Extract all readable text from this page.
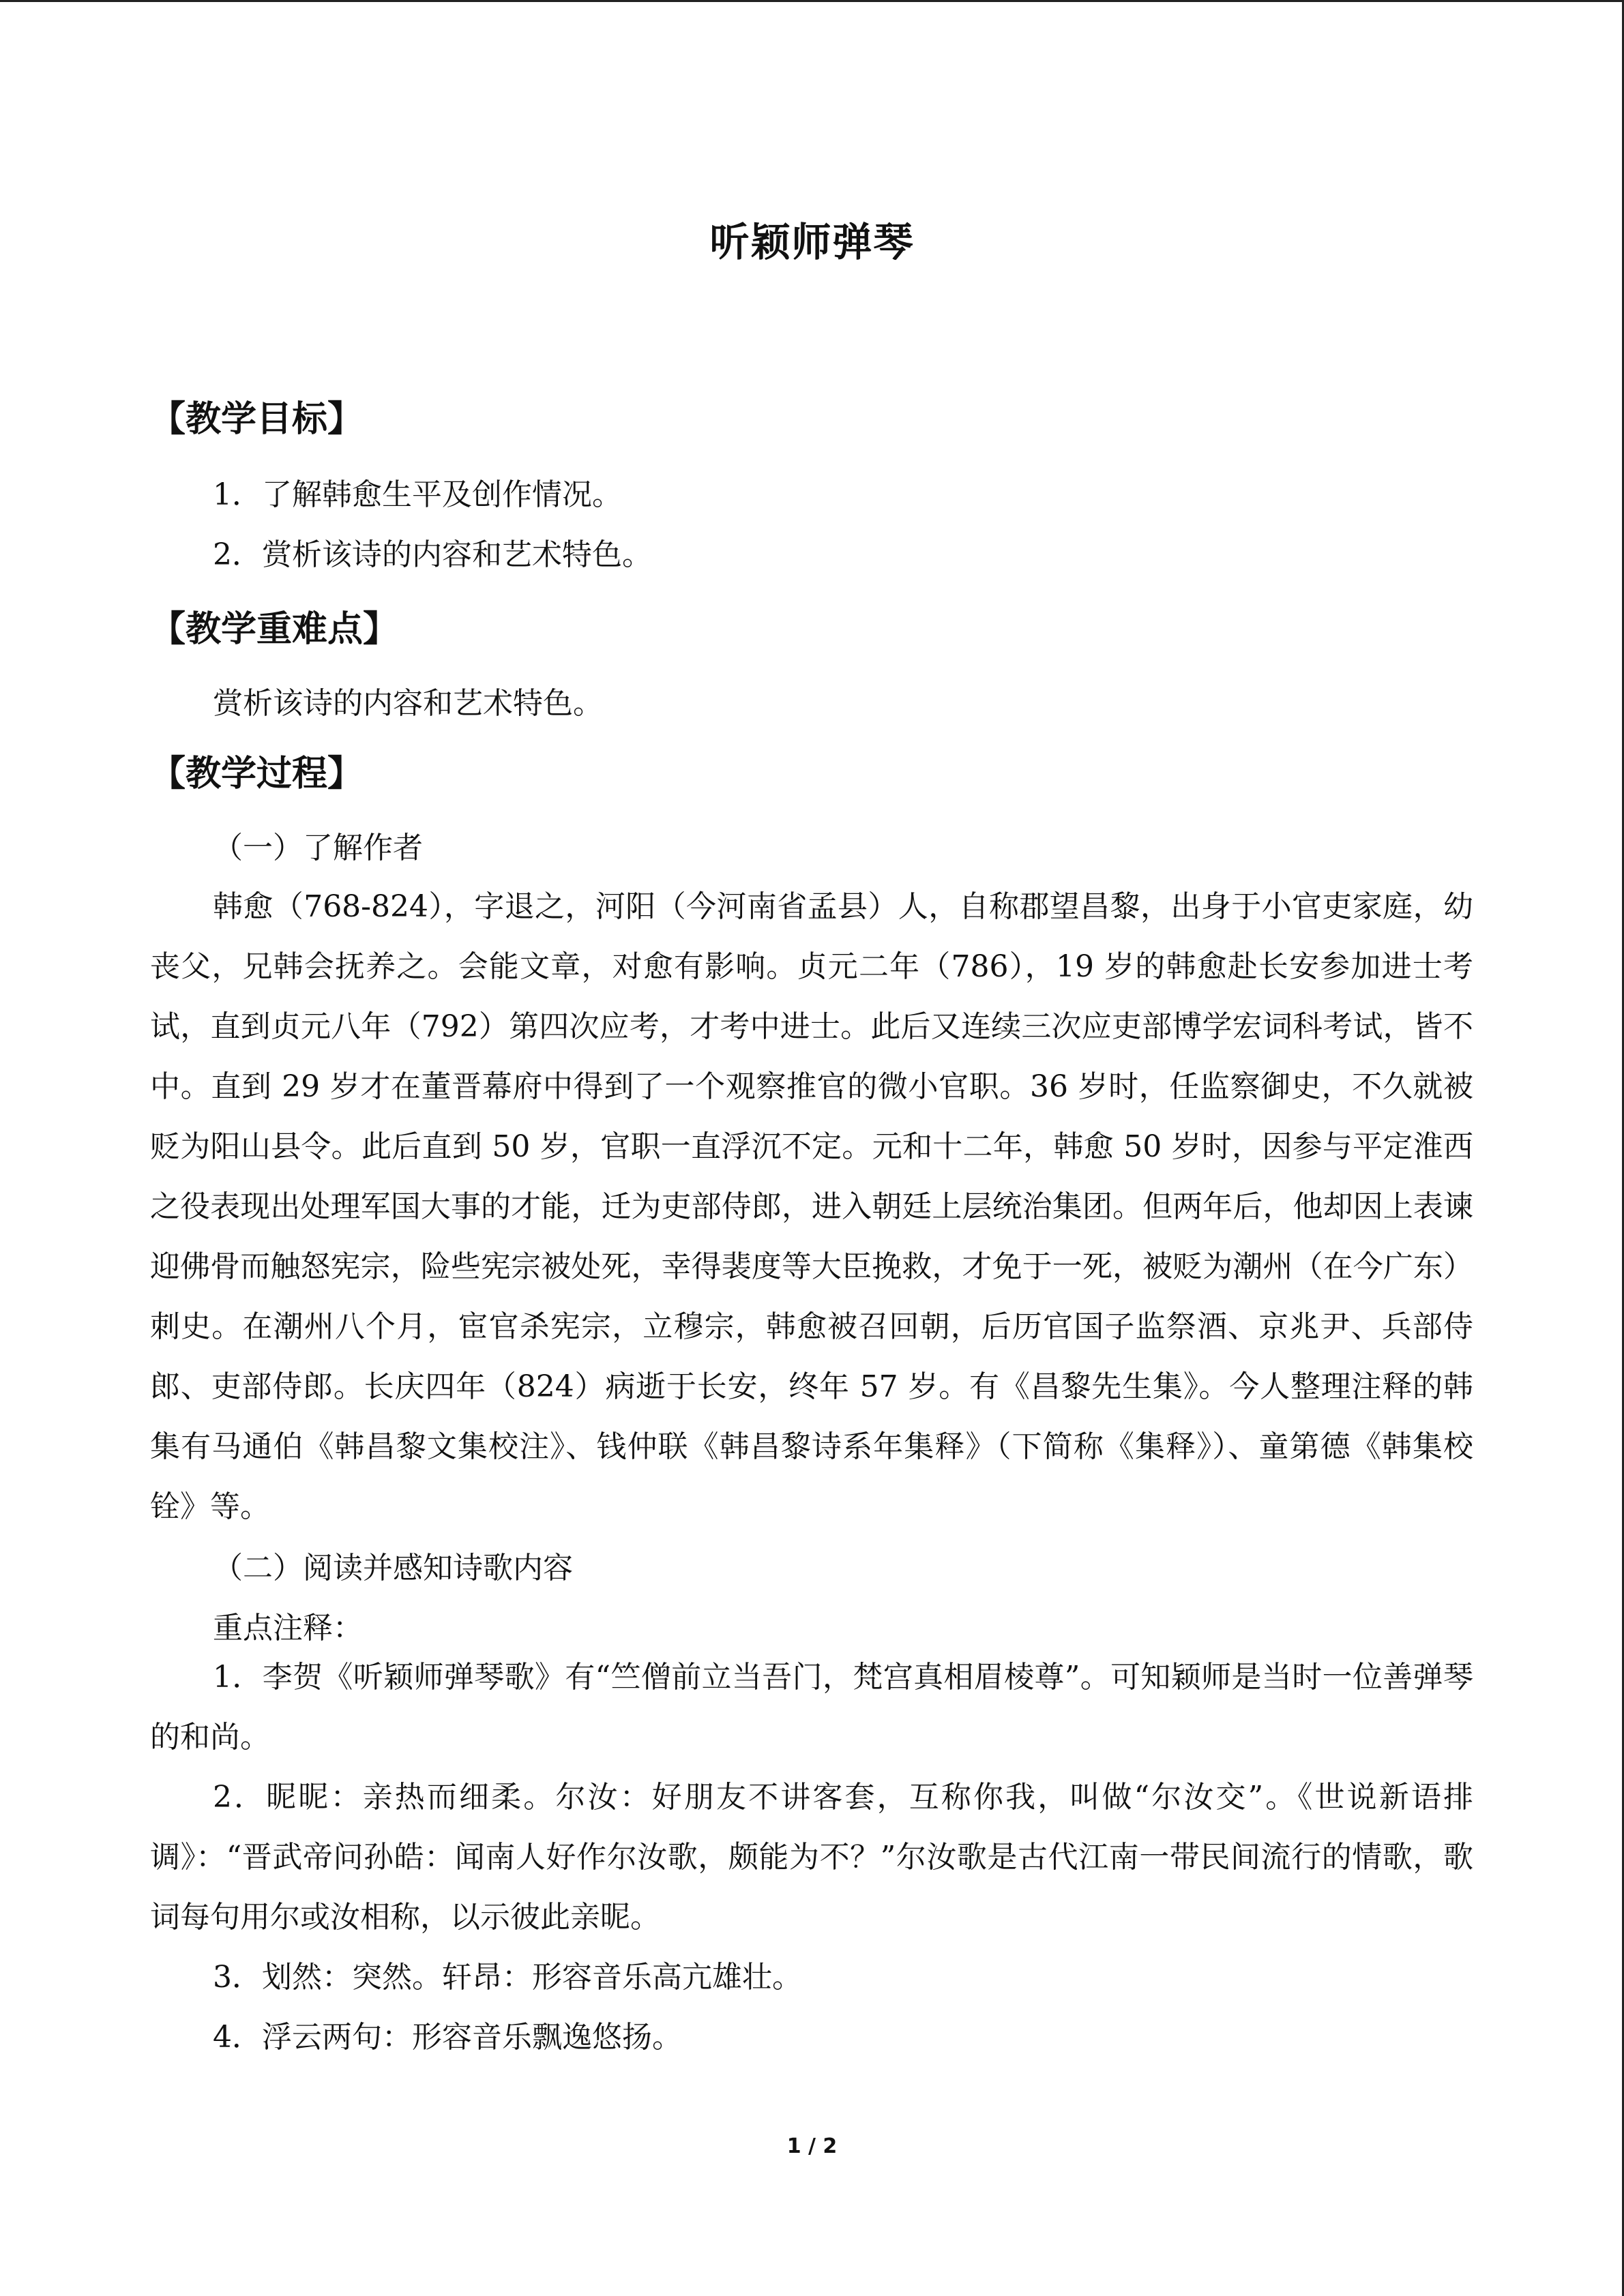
听颖师弹琴
【教学目标】
1．了解韩愈生平及创作情况。
2．赏析该诗的内容和艺术特色。
【教学重难点】
赏析该诗的内容和艺术特色。
【教学过程】
（一）了解作者
韩愈（768-824），字退之，河阳（今河南省孟县）人，自称郡望昌黎，出身于小官吏家庭，幼丧父，兄韩会抚养之。会能文章，对愈有影响。贞元二年（786），19 岁的韩愈赴长安参加进士考试，直到贞元八年（792）第四次应考，才考中进士。此后又连续三次应吏部博学宏词科考试，皆不中。直到 29 岁才在董晋幕府中得到了一个观察推官的微小官职。36 岁时，任监察御史，不久就被贬为阳山县令。此后直到 50 岁，官职一直浮沉不定。元和十二年，韩愈 50 岁时，因参与平定淮西之役表现出处理军国大事的才能，迁为吏部侍郎，进入朝廷上层统治集团。但两年后，他却因上表谏迎佛骨而触怒宪宗，险些宪宗被处死，幸得裴度等大臣挽救，才免于一死，被贬为潮州（在今广东）刺史。在潮州八个月，宦官杀宪宗，立穆宗，韩愈被召回朝，后历官国子监祭酒、京兆尹、兵部侍郎、吏部侍郎。长庆四年（824）病逝于长安，终年 57 岁。有《昌黎先生集》。今人整理注释的韩集有马通伯《韩昌黎文集校注》、钱仲联《韩昌黎诗系年集释》（下简称《集释》）、童第德《韩集校铨》等。
（二）阅读并感知诗歌内容
重点注释：
1．李贺《听颖师弹琴歌》有“竺僧前立当吾门，梵宫真相眉棱尊”。可知颖师是当时一位善弹琴的和尚。
2．昵昵：亲热而细柔。尔汝：好朋友不讲客套，互称你我，叫做“尔汝交”。《世说新语排调》：“晋武帝问孙皓：闻南人好作尔汝歌，颇能为不？”尔汝歌是古代江南一带民间流行的情歌，歌词每句用尔或汝相称，以示彼此亲昵。
3．划然：突然。轩昂：形容音乐高亢雄壮。
4．浮云两句：形容音乐飘逸悠扬。
1 / 2
